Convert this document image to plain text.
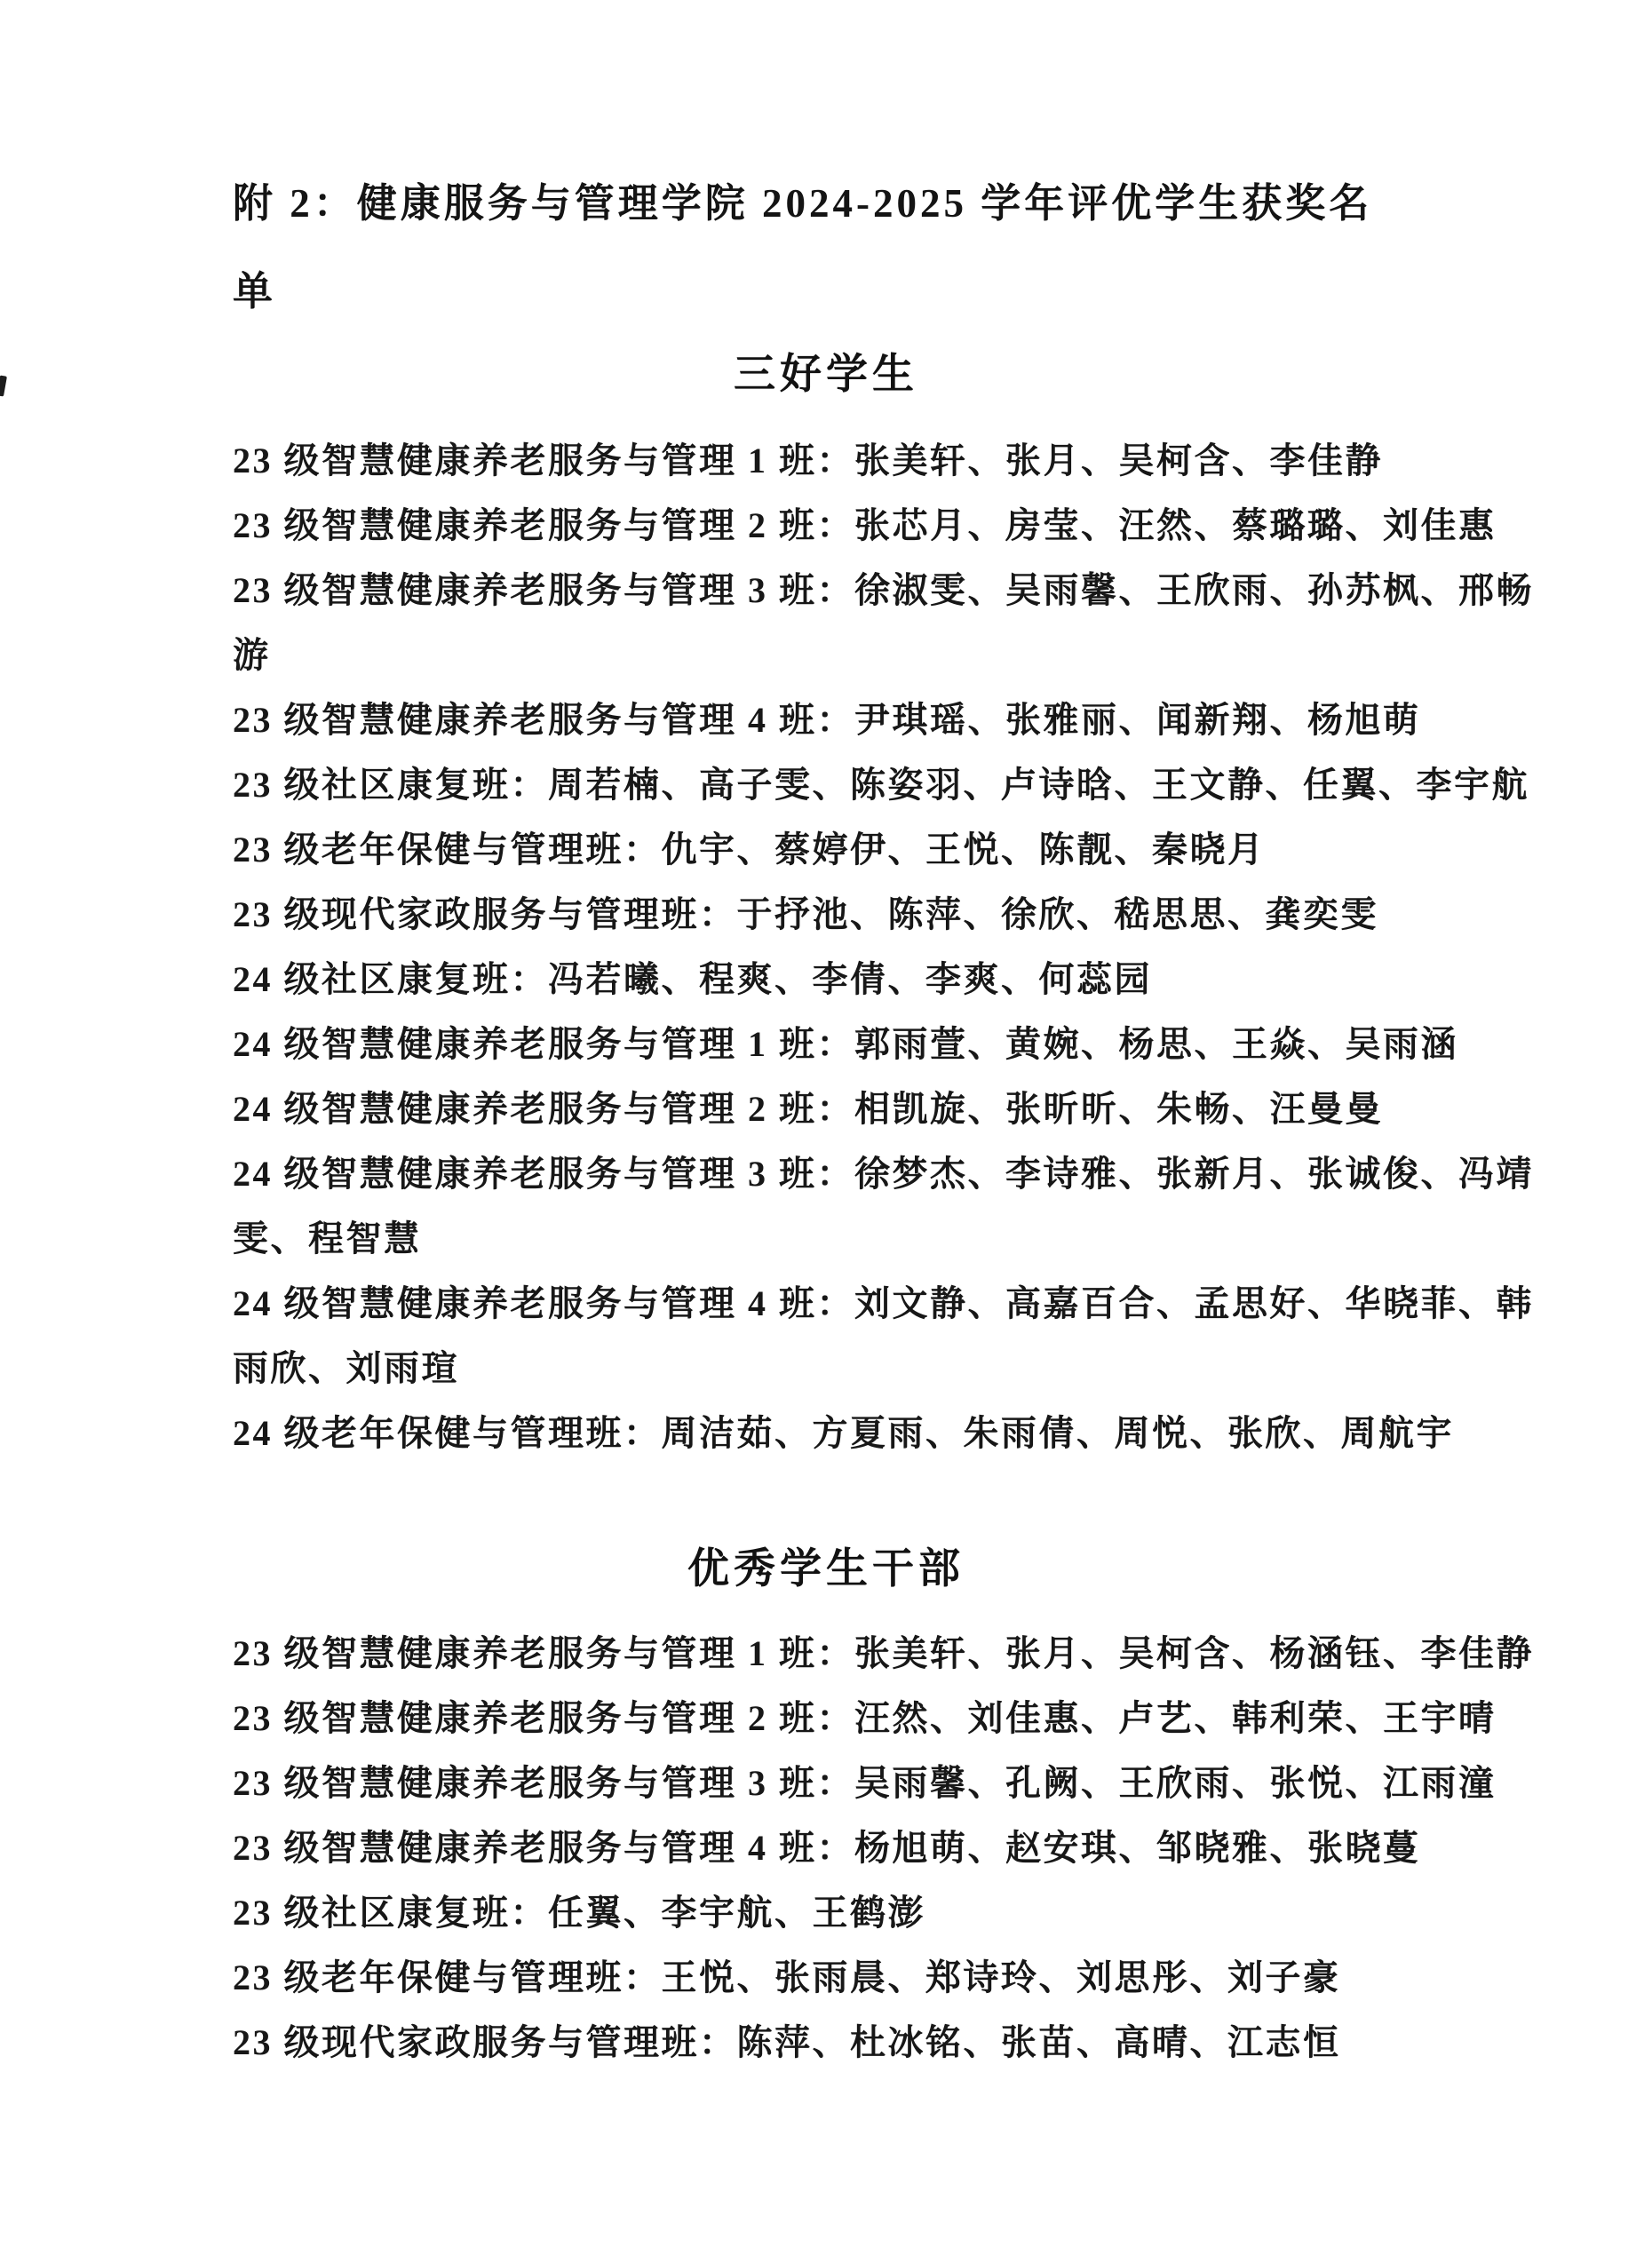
附 2：健康服务与管理学院 2024-2025 学年评优学生获奖名
单
三好学生
23 级智慧健康养老服务与管理 1 班：张美轩、张月、吴柯含、李佳静
23 级智慧健康养老服务与管理 2 班：张芯月、房莹、汪然、蔡璐璐、刘佳惠
23 级智慧健康养老服务与管理 3 班：徐淑雯、吴雨馨、王欣雨、孙苏枫、邢畅
游
23 级智慧健康养老服务与管理 4 班：尹琪瑶、张雅丽、闻新翔、杨旭萌
23 级社区康复班：周若楠、高子雯、陈姿羽、卢诗晗、王文静、任翼、李宇航
23 级老年保健与管理班：仇宇、蔡婷伊、王悦、陈靓、秦晓月
23 级现代家政服务与管理班：于抒池、陈萍、徐欣、嵇思思、龚奕雯
24 级社区康复班：冯若曦、程爽、李倩、李爽、何蕊园
24 级智慧健康养老服务与管理 1 班：郭雨萱、黄婉、杨思、王焱、吴雨涵
24 级智慧健康养老服务与管理 2 班：相凯旋、张昕昕、朱畅、汪曼曼
24 级智慧健康养老服务与管理 3 班：徐梦杰、李诗雅、张新月、张诚俊、冯靖
雯、程智慧
24 级智慧健康养老服务与管理 4 班：刘文静、高嘉百合、孟思好、华晓菲、韩
雨欣、刘雨瑄
24 级老年保健与管理班：周洁茹、方夏雨、朱雨倩、周悦、张欣、周航宇
优秀学生干部
23 级智慧健康养老服务与管理 1 班：张美轩、张月、吴柯含、杨涵钰、李佳静
23 级智慧健康养老服务与管理 2 班：汪然、刘佳惠、卢艺、韩利荣、王宇晴
23 级智慧健康养老服务与管理 3 班：吴雨馨、孔阙、王欣雨、张悦、江雨潼
23 级智慧健康养老服务与管理 4 班：杨旭萌、赵安琪、邹晓雅、张晓蔓
23 级社区康复班：任翼、李宇航、王鹤澎
23 级老年保健与管理班：王悦、张雨晨、郑诗玲、刘思彤、刘子豪
23 级现代家政服务与管理班：陈萍、杜冰铭、张苗、高晴、江志恒
